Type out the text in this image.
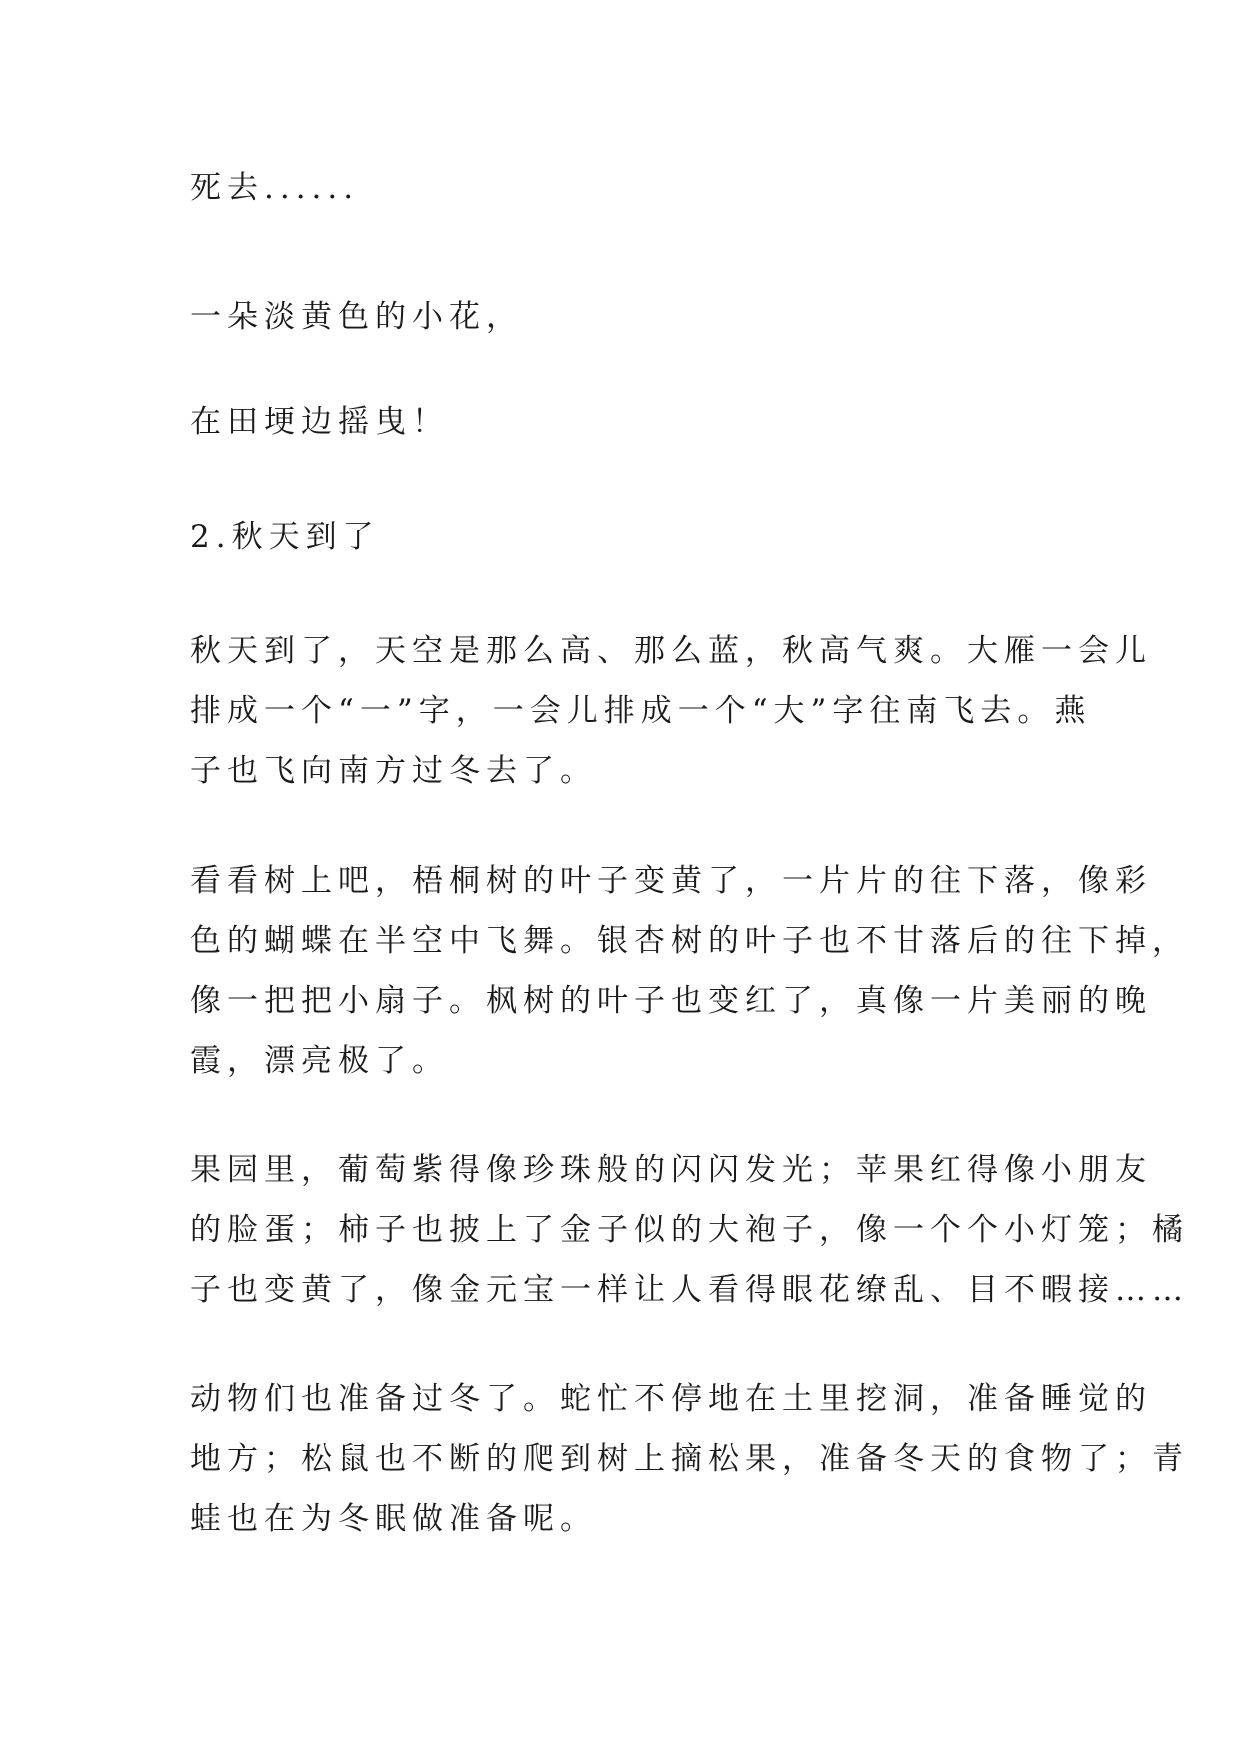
死去......
一朵淡黄色的小花，
在田埂边摇曳！
2.秋天到了
秋天到了，天空是那么高、那么蓝，秋高气爽。大雁一会儿
排成一个“一”字，一会儿排成一个“大”字往南飞去。燕
子也飞向南方过冬去了。
看看树上吧，梧桐树的叶子变黄了，一片片的往下落，像彩
色的蝴蝶在半空中飞舞。银杏树的叶子也不甘落后的往下掉，
像一把把小扇子。枫树的叶子也变红了，真像一片美丽的晚
霞，漂亮极了。
果园里，葡萄紫得像珍珠般的闪闪发光；苹果红得像小朋友
的脸蛋；柿子也披上了金子似的大袍子，像一个个小灯笼；橘
子也变黄了，像金元宝一样让人看得眼花缭乱、目不暇接……
动物们也准备过冬了。蛇忙不停地在土里挖洞，准备睡觉的
地方；松鼠也不断的爬到树上摘松果，准备冬天的食物了；青
蛙也在为冬眠做准备呢。
